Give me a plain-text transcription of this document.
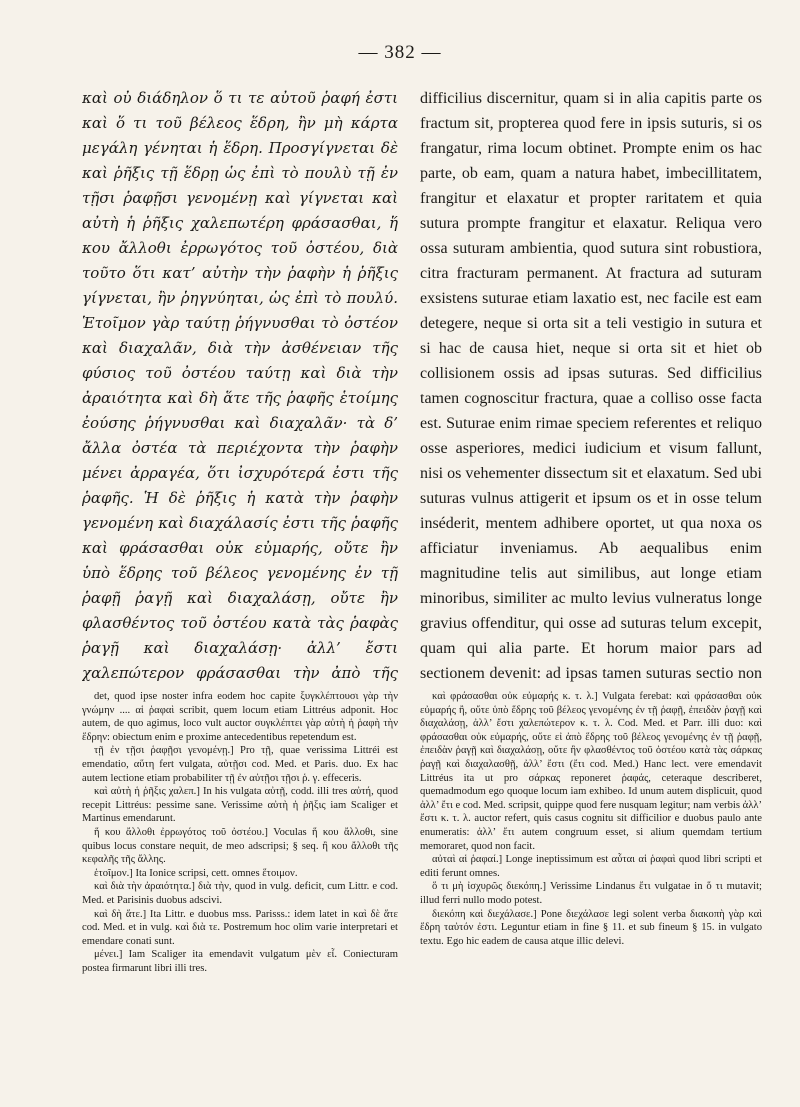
— 382 —

καὶ οὐ διάδηλον ὅ τι τε αὐτοῦ ῥαφή ἐστι καὶ ὅ τι τοῦ βέλεος ἕδρη, ἢν μὴ κάρτα μεγάλη γένηται ἡ ἕδρη. Προσγίγνεται δὲ καὶ ῥῆξις τῇ ἕδρῃ ὡς ἐπὶ τὸ πουλὺ τῇ ἐν τῇσι ῥαφῇσι γενομένῃ καὶ γίγνεται καὶ αὐτὴ ἡ ῥῆξις χαλεπωτέρη φράσασθαι, ἥ κου ἄλλοθι ἐρρωγότος τοῦ ὀστέου, διὰ τοῦτο ὅτι κατ’ αὐτὴν τὴν ῥαφὴν ἡ ῥῆξις γίγνεται, ἢν ῥηγνύηται, ὡς ἐπὶ τὸ πουλύ. Ἑτοῖμον γὰρ ταύτῃ ῥήγνυσθαι τὸ ὀστέον καὶ διαχαλᾶν, διὰ τὴν ἀσθένειαν τῆς φύσιος τοῦ ὀστέου ταύτῃ καὶ διὰ τὴν ἀραιότητα καὶ δὴ ἅτε τῆς ῥαφῆς ἑτοίμης ἐούσης ῥήγνυσθαι καὶ διαχαλᾶν· τὰ δ’ ἄλλα ὀστέα τὰ περιέχοντα τὴν ῥαφὴν μένει ἀρραγέα, ὅτι ἰσχυρότερά ἐστι τῆς ῥαφῆς. Ἡ δὲ ῥῆξις ἡ κατὰ τὴν ῥαφὴν γενομένη καὶ διαχάλασίς ἐστι τῆς ῥαφῆς καὶ φράσασθαι οὐκ εὐμαρής, οὔτε ἢν ὑπὸ ἕδρης τοῦ βέλεος γενομένης ἐν τῇ ῥαφῇ ῥαγῇ καὶ διαχαλάσῃ, οὔτε ἢν φλασθέντος τοῦ ὀστέου κατὰ τὰς ῥαφὰς ῥαγῇ καὶ διαχαλάσῃ· ἀλλ’ ἔστι χαλεπώτερον φράσασθαι τὴν ἀπὸ τῆς

difficilius discernitur, quam si in alia capitis parte os fractum sit, propterea quod fere in ipsis suturis, si os frangatur, rima locum obtinet. Prompte enim os hac parte, ob eam, quam a natura habet, imbecillitatem, frangitur et elaxatur et propter raritatem et quia sutura prompte frangitur et elaxatur. Reliqua vero ossa suturam ambientia, quod sutura sint robustiora, citra fracturam permanent. At fractura ad suturam exsistens suturae etiam laxatio est, nec facile est eam detegere, neque si orta sit a teli vestigio in sutura et si hac de causa hiet, neque si orta sit et hiet ob collisionem ossis ad ipsas suturas. Sed difficilius tamen cognoscitur fractura, quae a colliso osse facta est. Suturae enim rimae speciem referentes et reliquo osse asperiores, medici iudicium et visum fallunt, nisi os vehementer dissectum sit et elaxatum. Sed ubi suturas vulnus attigerit et ipsum os et in osse telum inséderit, mentem adhibere oportet, ut qua noxa os afficiatur inveniamus. Ab aequalibus enim magnitudine telis aut similibus, aut longe etiam minoribus, similiter ac multo levius vulneratus longe gravius offenditur, qui osse ad suturas telum excepit, quam qui alia parte. Et horum maior pars ad sectionem devenit: ad ipsas tamen suturas sectio non

det, quod ipse noster infra eodem hoc capite ξυγκλέπτουσι γὰρ τὴν γνώμην .... αἱ ῥαφαὶ scribit, quem locum etiam Littréus adponit. Hoc autem, de quo agimus, loco vult auctor συγκλέπτει γὰρ αὐτὴ ἡ ῥαφὴ τὴν ἕδρην: obiectum enim e proxime antecedentibus repetendum est.

τῇ ἐν τῇσι ῥαφῇσι γενομένῃ.] Pro τῇ, quae verissima Littréi est emendatio, αὕτη fert vulgata, αὐτῇσι cod. Med. et Paris. duo. Ex hac autem lectione etiam probabiliter τῇ ἐν αὐτῇσι τῇσι ῥ. γ. effeceris.

καὶ αὐτὴ ἡ ῥῆξις χαλεπ.] In his vulgata αὐτῇ, codd. illi tres αὐτή, quod recepit Littréus: pessime sane. Verissime αὐτὴ ἡ ῥῆξις iam Scaliger et Martinus emendarunt.

ἥ κου ἄλλοθι ἐρρωγότος τοῦ ὀστέου.] Voculas ἥ κου ἄλλοθι, sine quibus locus constare nequit, de meo adscripsi; § seq. ἢ κου ἄλλοθι τῆς κεφαλῆς τῆς ἄλλης.

ἑτοῖμον.] Ita Ionice scripsi, cett. omnes ἕτοιμον.

καὶ διὰ τὴν ἀραιότητα.] διὰ τὴν, quod in vulg. deficit, cum Littr. e cod. Med. et Parisinis duobus adscivi.

καὶ δὴ ἅτε.] Ita Littr. e duobus mss. Parisss.: idem latet in καὶ δὲ ἅτε cod. Med. et in vulg. καὶ διὰ τε. Postremum hoc olim varie interpretari et emendare conati sunt.

μένει.] Iam Scaliger ita emendavit vulgatum μὲν εἶ. Coniecturam postea firmarunt libri illi tres.

καὶ φράσασθαι οὐκ εὐμαρής κ. τ. λ.] Vulgata ferebat: καὶ φράσασθαι οὐκ εὐμαρής ἢ, οὔτε ὑπὸ ἕδρης τοῦ βέλεος γενομένης ἐν τῇ ῥαφῇ, ἐπειδὰν ῥαγῇ καὶ διαχαλάσῃ, ἀλλ’ ἔστι χαλεπώτερον κ. τ. λ. Cod. Med. et Parr. illi duo: καὶ φράσασθαι οὐκ εὐμαρής, οὔτε εἰ ἀπὸ ἕδρης τοῦ βέλεος γενομένης ἐν τῇ ῥαφῇ, ἐπειδὰν ῥαγῇ καὶ διαχαλάσῃ, οὔτε ἢν φλασθέντος τοῦ ὀστέου κατὰ τὰς σάρκας ῥαγῇ καὶ διαχαλασθῇ, ἀλλ’ ἔστι (ἔτι cod. Med.) Hanc lect. vere emendavit Littréus ita ut pro σάρκας reponeret ῥαφάς, ceteraque describeret, quemadmodum ego quoque locum iam exhibeo. Id unum autem displicuit, quod ἀλλ’ ἔτι e cod. Med. scripsit, quippe quod fere nusquam legitur; nam verbis ἀλλ’ ἔστι κ. τ. λ. auctor refert, quis casus cognitu sit difficilior e duobus paulo ante enumeratis: ἀλλ’ ἔτι autem congruum esset, si alium quemdam tertium memoraret, quod non facit.

αὐταὶ αἱ ῥαφαί.] Longe ineptissimum est αὗται αἱ ῥαφαὶ quod libri scripti et editi ferunt omnes.

ὅ τι μὴ ἰσχυρῶς διεκόπη.] Verissime Lindanus ἔτι vulgatae in ὅ τι mutavit; illud ferri nullo modo potest.

διεκόπη καὶ διεχάλασε.] Pone διεχάλασε legi solent verba διακοπὴ γὰρ καὶ ἕδρη ταὐτόν ἐστι. Leguntur etiam in fine § 11. et sub fineum § 15. in vulgato textu. Ego hic eadem de causa atque illic delevi.
